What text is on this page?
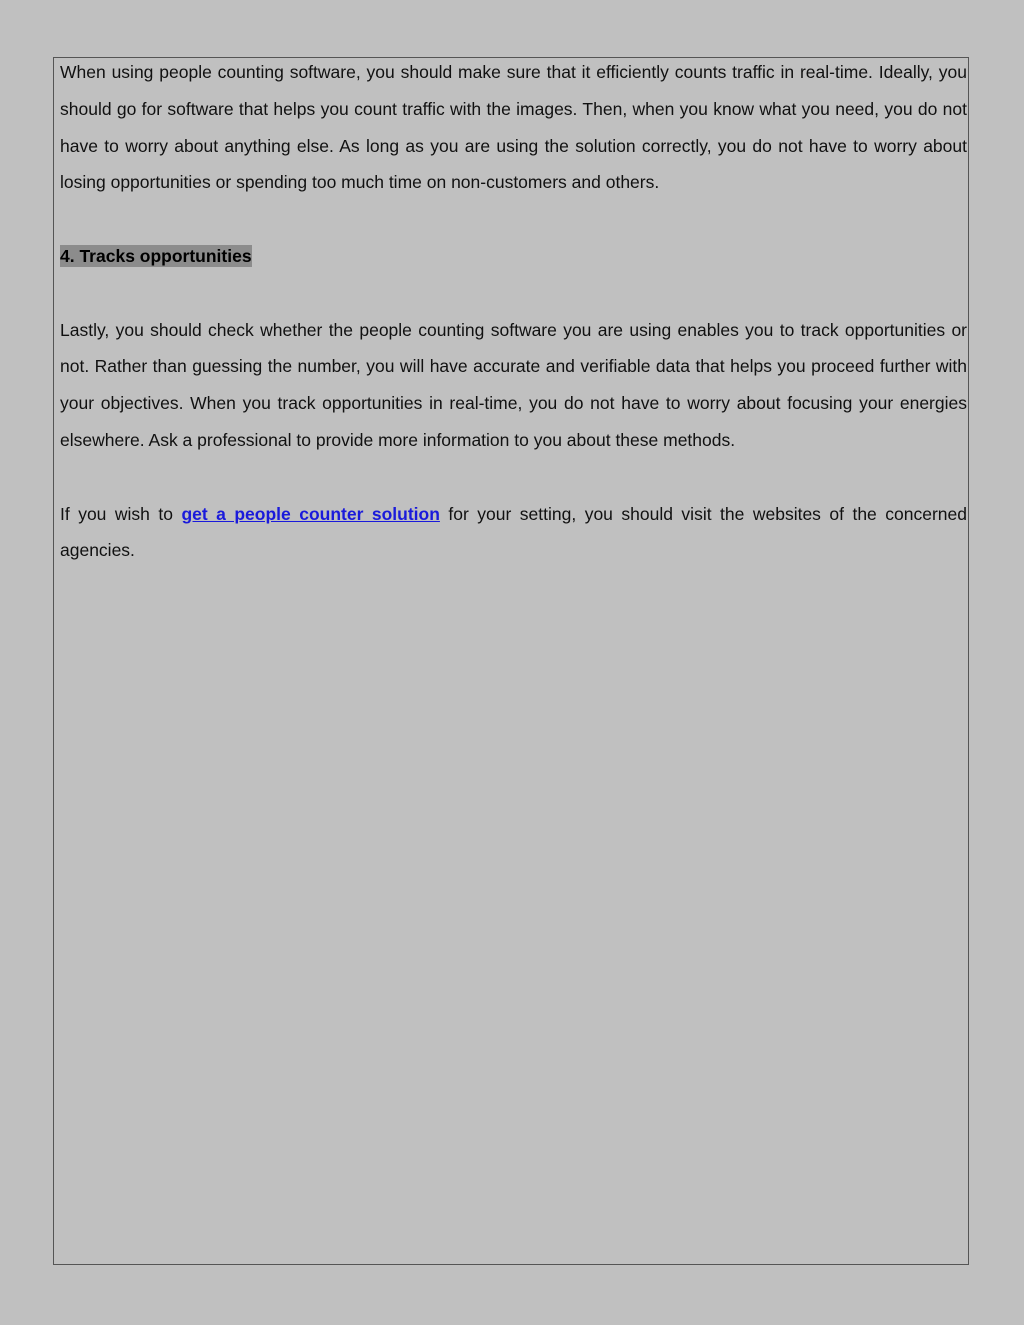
When using people counting software, you should make sure that it efficiently counts traffic in real-time. Ideally, you should go for software that helps you count traffic with the images. Then, when you know what you need, you do not have to worry about anything else. As long as you are using the solution correctly, you do not have to worry about losing opportunities or spending too much time on non-customers and others.

4. Tracks opportunities

Lastly, you should check whether the people counting software you are using enables you to track opportunities or not. Rather than guessing the number, you will have accurate and verifiable data that helps you proceed further with your objectives. When you track opportunities in real-time, you do not have to worry about focusing your energies elsewhere. Ask a professional to provide more information to you about these methods.

If you wish to get a people counter solution for your setting, you should visit the websites of the concerned agencies.
